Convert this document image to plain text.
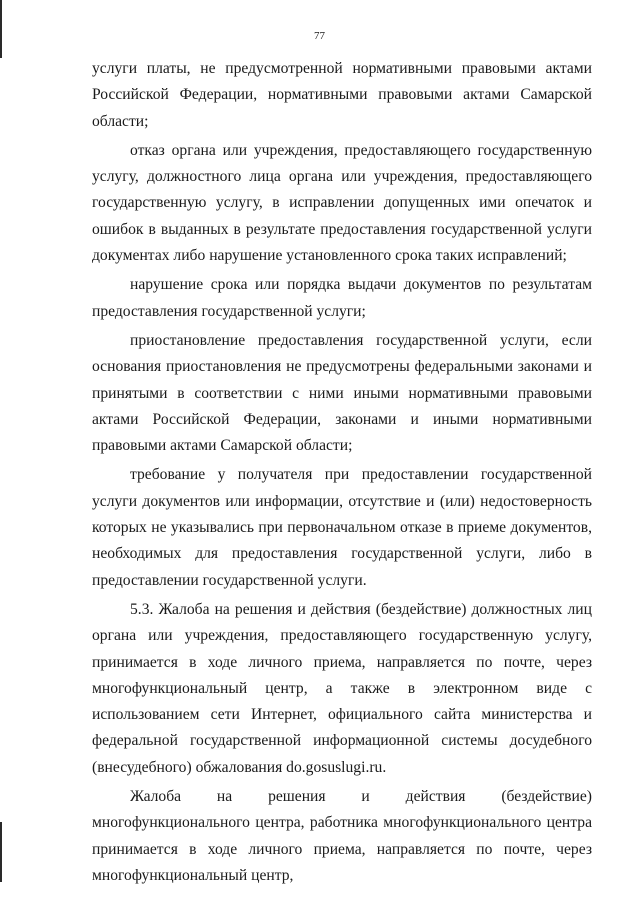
77

услуги платы, не предусмотренной нормативными правовыми актами Российской Федерации, нормативными правовыми актами Самарской области;

отказ органа или учреждения, предоставляющего государственную услугу, должностного лица органа или учреждения, предоставляющего государственную услугу, в исправлении допущенных ими опечаток и ошибок в выданных в результате предоставления государственной услуги документах либо нарушение установленного срока таких исправлений;

нарушение срока или порядка выдачи документов по результатам предоставления государственной услуги;

приостановление предоставления государственной услуги, если основания приостановления не предусмотрены федеральными законами и принятыми в соответствии с ними иными нормативными правовыми актами Российской Федерации, законами и иными нормативными правовыми актами Самарской области;

требование у получателя при предоставлении государственной услуги документов или информации, отсутствие и (или) недостоверность которых не указывались при первоначальном отказе в приеме документов, необходимых для предоставления государственной услуги, либо в предоставлении государственной услуги.

5.3. Жалоба на решения и действия (бездействие) должностных лиц органа или учреждения, предоставляющего государственную услугу, принимается в ходе личного приема, направляется по почте, через многофункциональный центр, а также в электронном виде с использованием сети Интернет, официального сайта министерства и федеральной государственной информационной системы досудебного (внесудебного) обжалования do.gosuslugi.ru.

Жалоба на решения и действия (бездействие) многофункционального центра, работника многофункционального центра принимается в ходе личного приема, направляется по почте, через многофункциональный центр,
